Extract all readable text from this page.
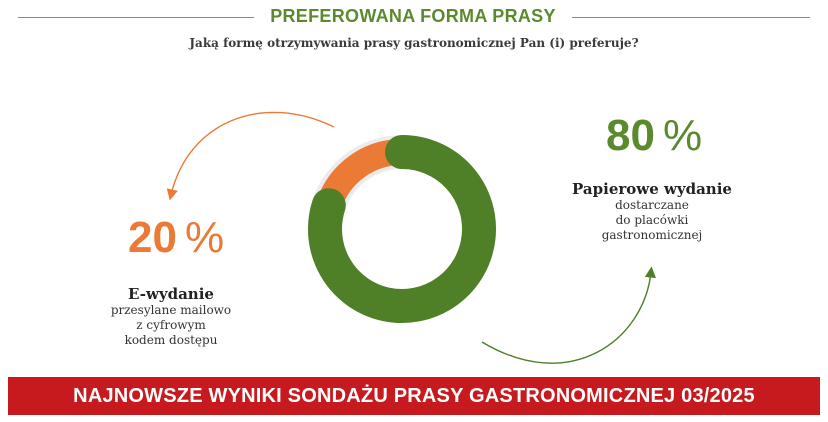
PREFEROWANA FORMA PRASY
Jaką formę otrzymywania prasy gastronomicznej Pan (i) preferuje?
20 %
E-wydanie
przesylane mailowo
z cyfrowym
kodem dostępu
80 %
Papierowe wydanie
dostarczane
do placówki
gastronomicznej
NAJNOWSZE WYNIKI SONDAŻU PRASY GASTRONOMICZNEJ 03/2025
